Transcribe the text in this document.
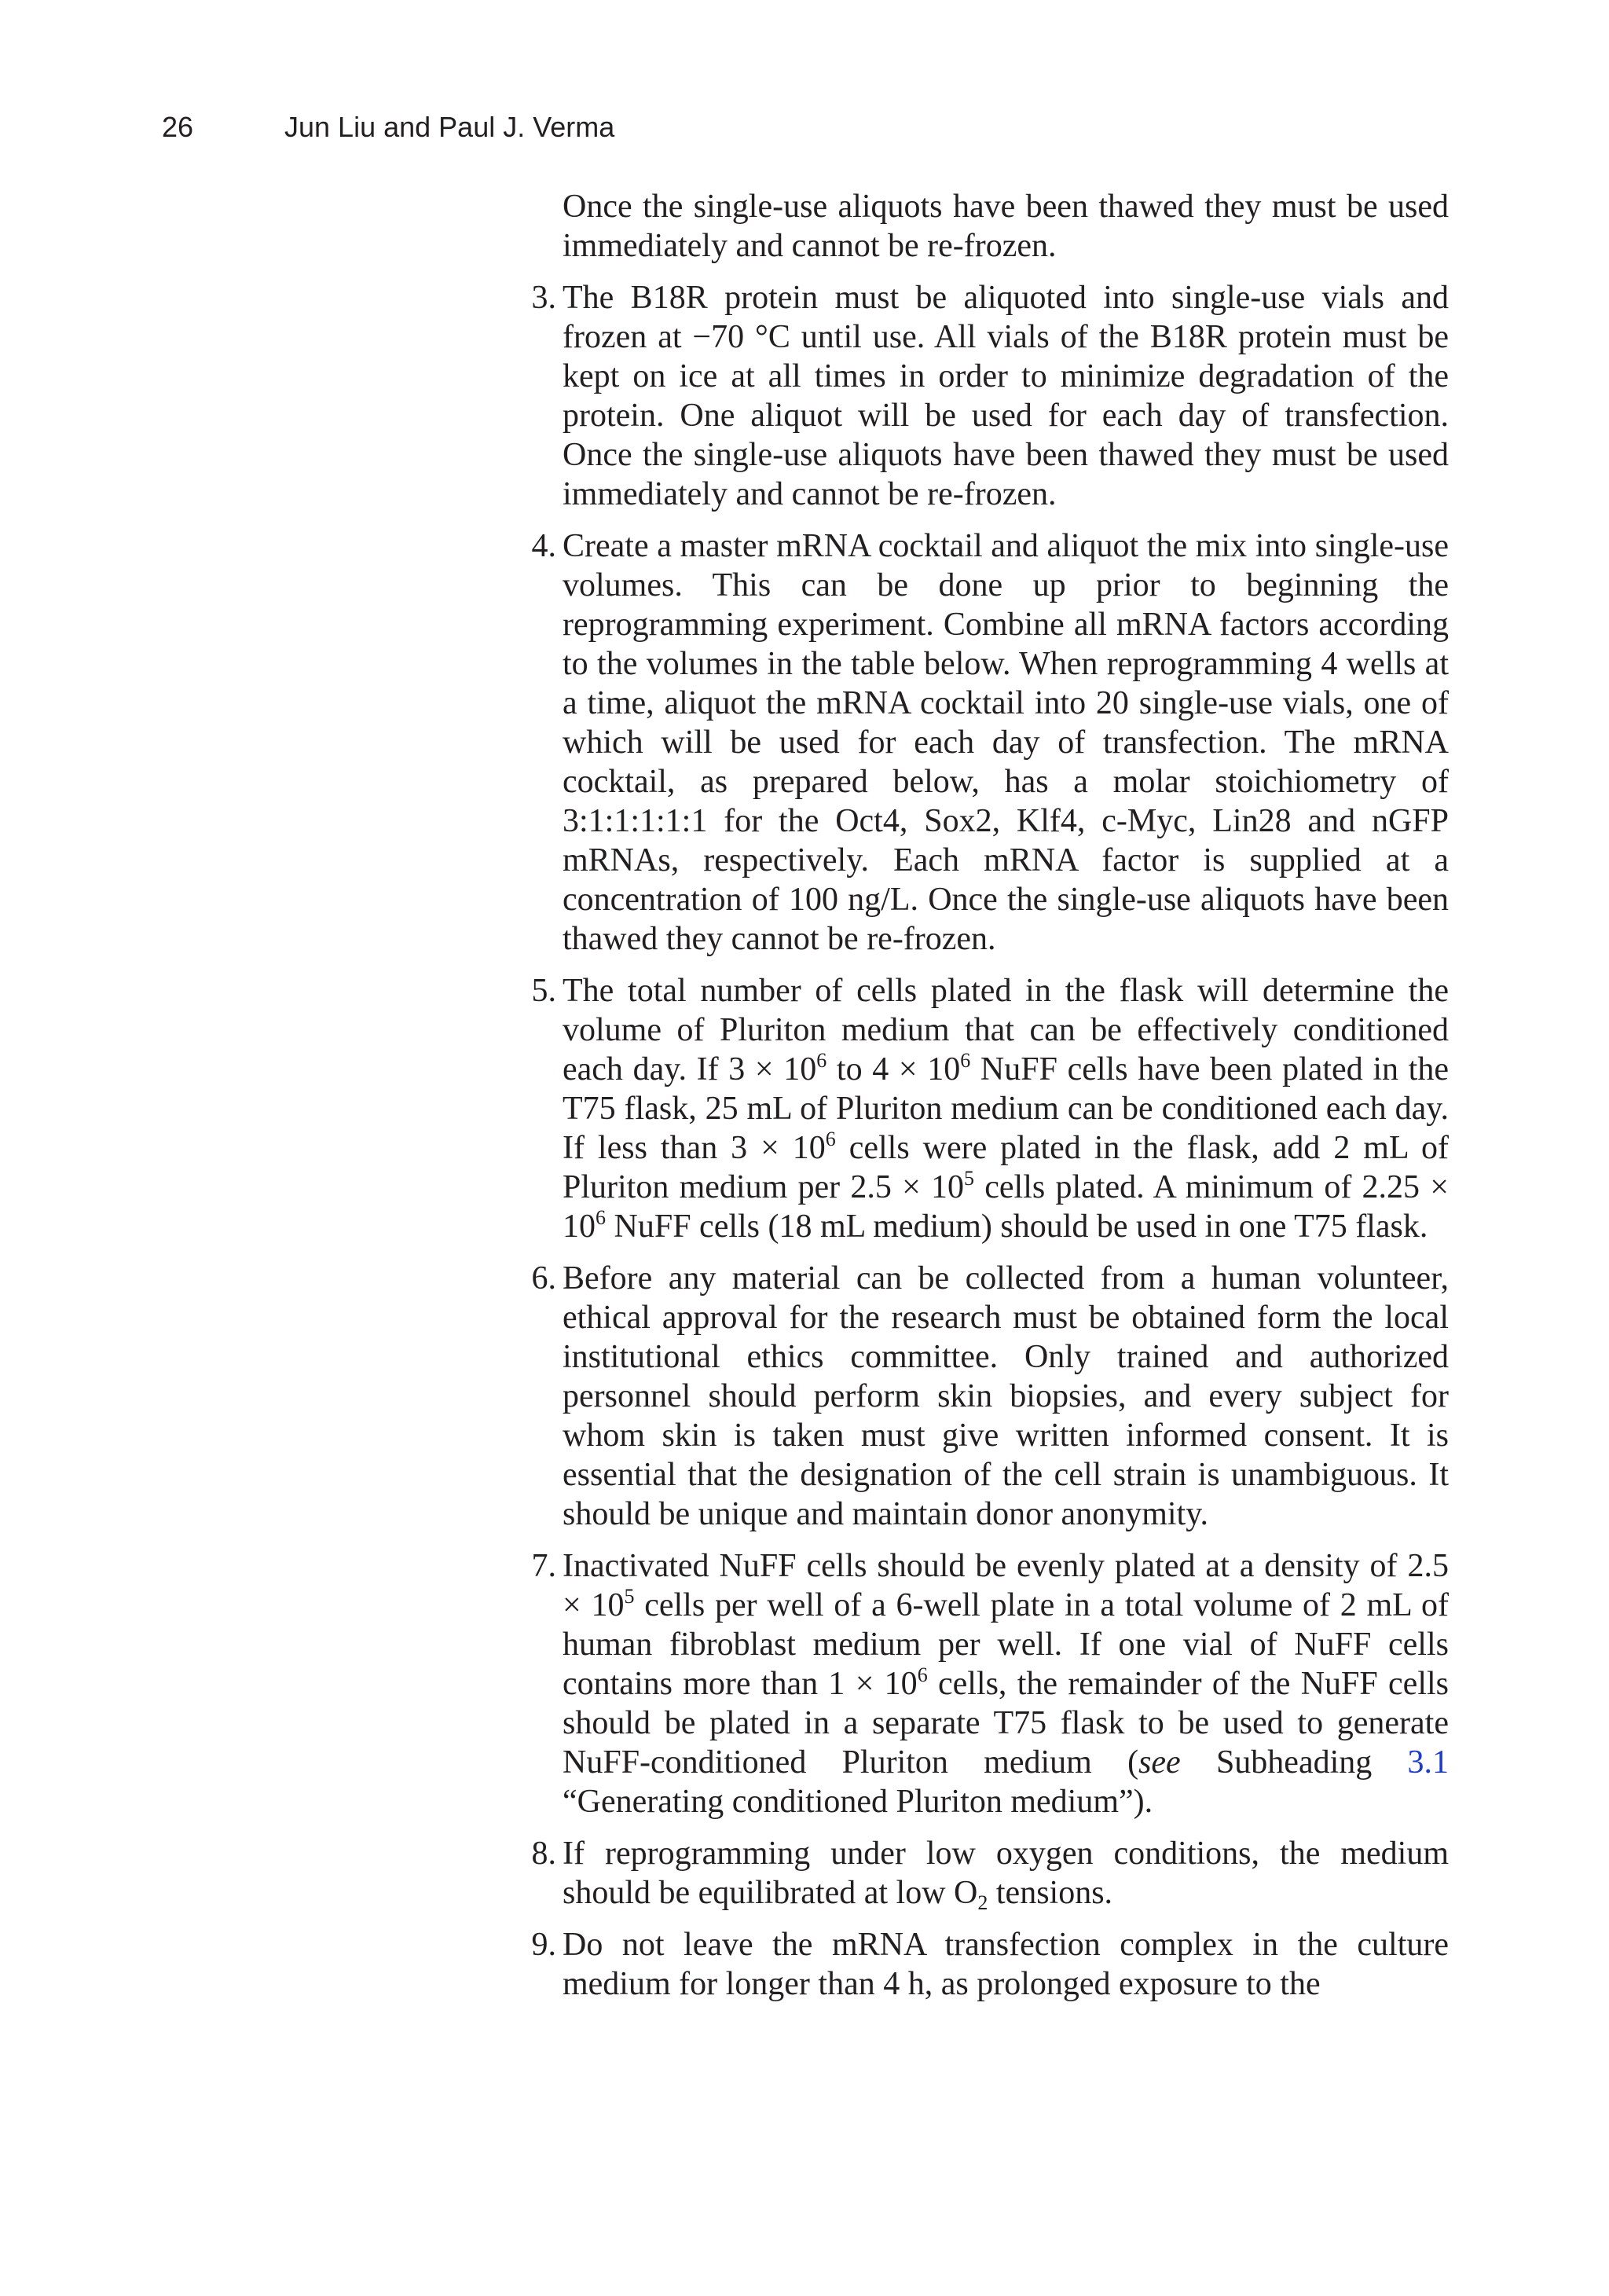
26	Jun Liu and Paul J. Verma

Once the single-use aliquots have been thawed they must be used immediately and cannot be re-frozen.

3. The B18R protein must be aliquoted into single-use vials and frozen at −70 °C until use. All vials of the B18R protein must be kept on ice at all times in order to minimize degradation of the protein. One aliquot will be used for each day of transfection. Once the single-use aliquots have been thawed they must be used immediately and cannot be re-frozen.

4. Create a master mRNA cocktail and aliquot the mix into single-use volumes. This can be done up prior to beginning the reprogramming experiment. Combine all mRNA factors according to the volumes in the table below. When reprogramming 4 wells at a time, aliquot the mRNA cocktail into 20 single-use vials, one of which will be used for each day of transfection. The mRNA cocktail, as prepared below, has a molar stoichiometry of 3:1:1:1:1:1 for the Oct4, Sox2, Klf4, c-Myc, Lin28 and nGFP mRNAs, respectively. Each mRNA factor is supplied at a concentration of 100 ng/L. Once the single-use aliquots have been thawed they cannot be re-frozen.

5. The total number of cells plated in the flask will determine the volume of Pluriton medium that can be effectively conditioned each day. If $3 \times 10^6$ to $4 \times 10^6$ NuFF cells have been plated in the T75 flask, 25 mL of Pluriton medium can be conditioned each day. If less than $3 \times 10^6$ cells were plated in the flask, add 2 mL of Pluriton medium per $2.5 \times 10^5$ cells plated. A minimum of $2.25 \times 10^6$ NuFF cells (18 mL medium) should be used in one T75 flask.

6. Before any material can be collected from a human volunteer, ethical approval for the research must be obtained form the local institutional ethics committee. Only trained and authorized personnel should perform skin biopsies, and every subject for whom skin is taken must give written informed consent. It is essential that the designation of the cell strain is unambiguous. It should be unique and maintain donor anonymity.

7. Inactivated NuFF cells should be evenly plated at a density of $2.5 \times 10^5$ cells per well of a 6-well plate in a total volume of 2 mL of human fibroblast medium per well. If one vial of NuFF cells contains more than $1 \times 10^6$ cells, the remainder of the NuFF cells should be plated in a separate T75 flask to be used to generate NuFF-conditioned Pluriton medium (see Subheading 3.1 “Generating conditioned Pluriton medium”).

8. If reprogramming under low oxygen conditions, the medium should be equilibrated at low $O_2$ tensions.

9. Do not leave the mRNA transfection complex in the culture medium for longer than 4 h, as prolonged exposure to the
